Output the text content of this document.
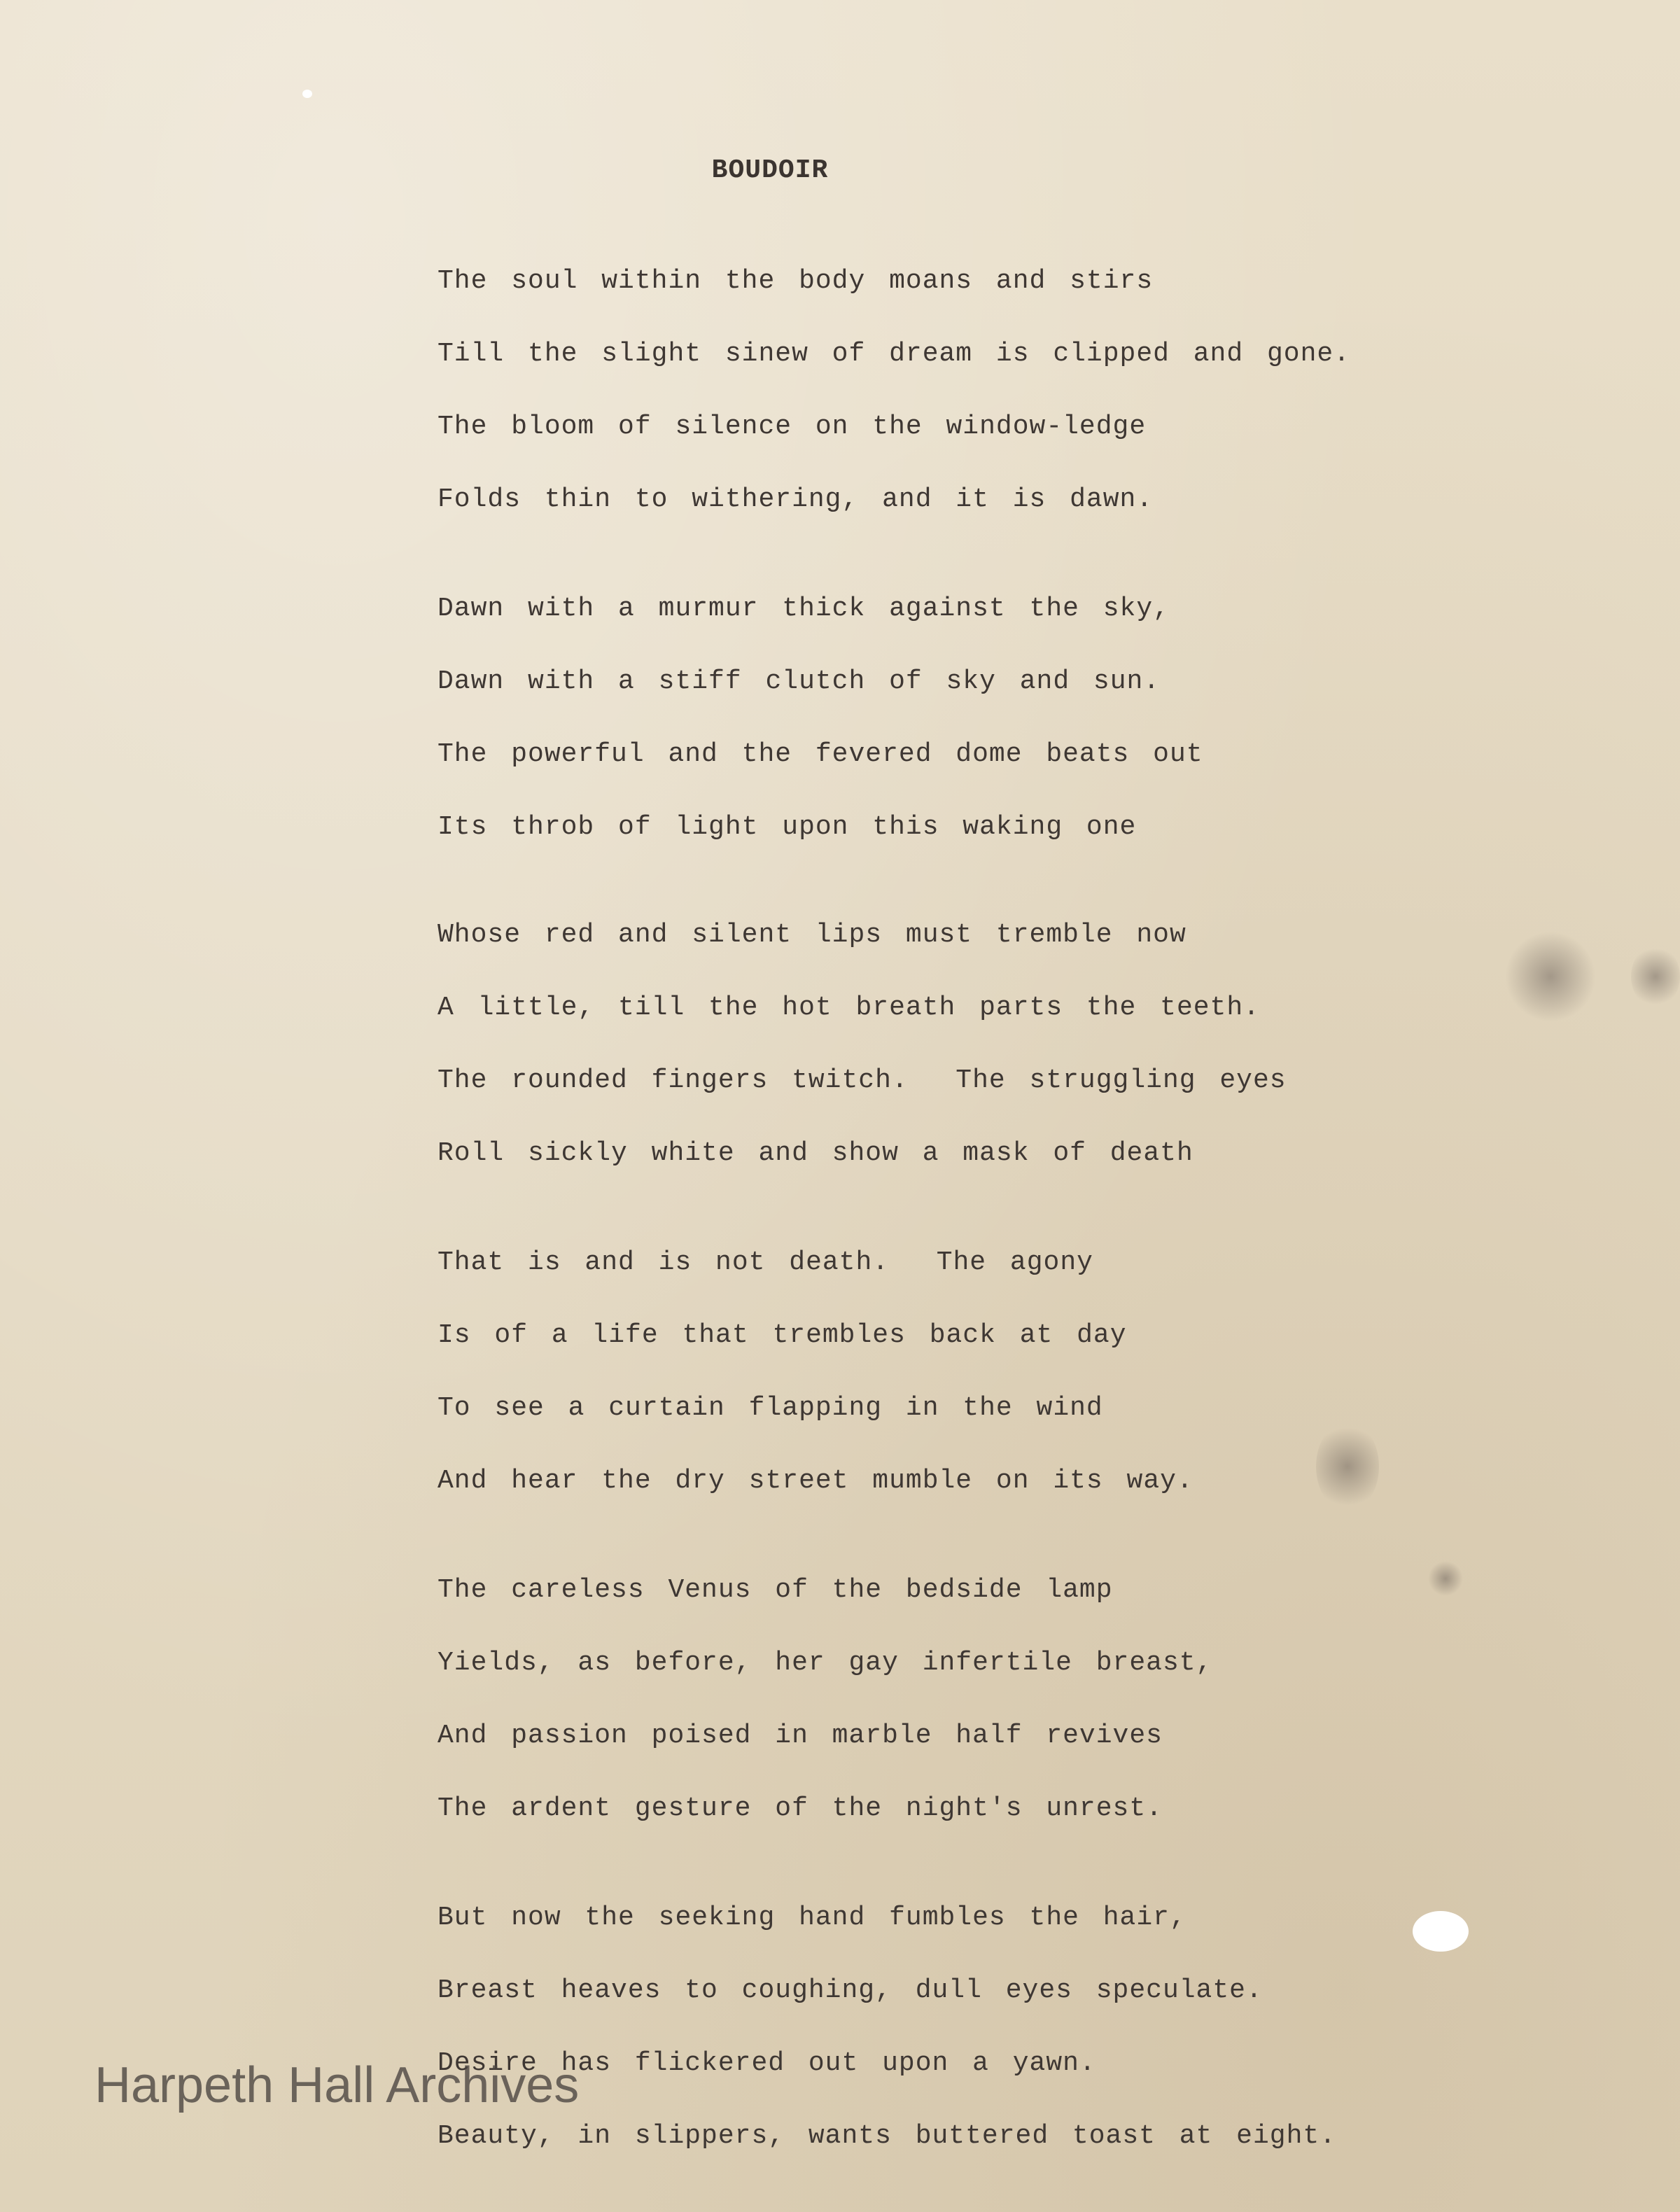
BOUDOIR
The soul within the body moans and stirs
Till the slight sinew of dream is clipped and gone.
The bloom of silence on the window-ledge
Folds thin to withering, and it is dawn.
Dawn with a murmur thick against the sky,
Dawn with a stiff clutch of sky and sun.
The powerful and the fevered dome beats out
Its throb of light upon this waking one
Whose red and silent lips must tremble now
A little, till the hot breath parts the teeth.
The rounded fingers twitch.  The struggling eyes
Roll sickly white and show a mask of death
That is and is not death.  The agony
Is of a life that trembles back at day
To see a curtain flapping in the wind
And hear the dry street mumble on its way.
The careless Venus of the bedside lamp
Yields, as before, her gay infertile breast,
And passion poised in marble half revives
The ardent gesture of the night's unrest.
But now the seeking hand fumbles the hair,
Breast heaves to coughing, dull eyes speculate.
Desire has flickered out upon a yawn.
Beauty, in slippers, wants buttered toast at eight.
Harpeth Hall Archives
